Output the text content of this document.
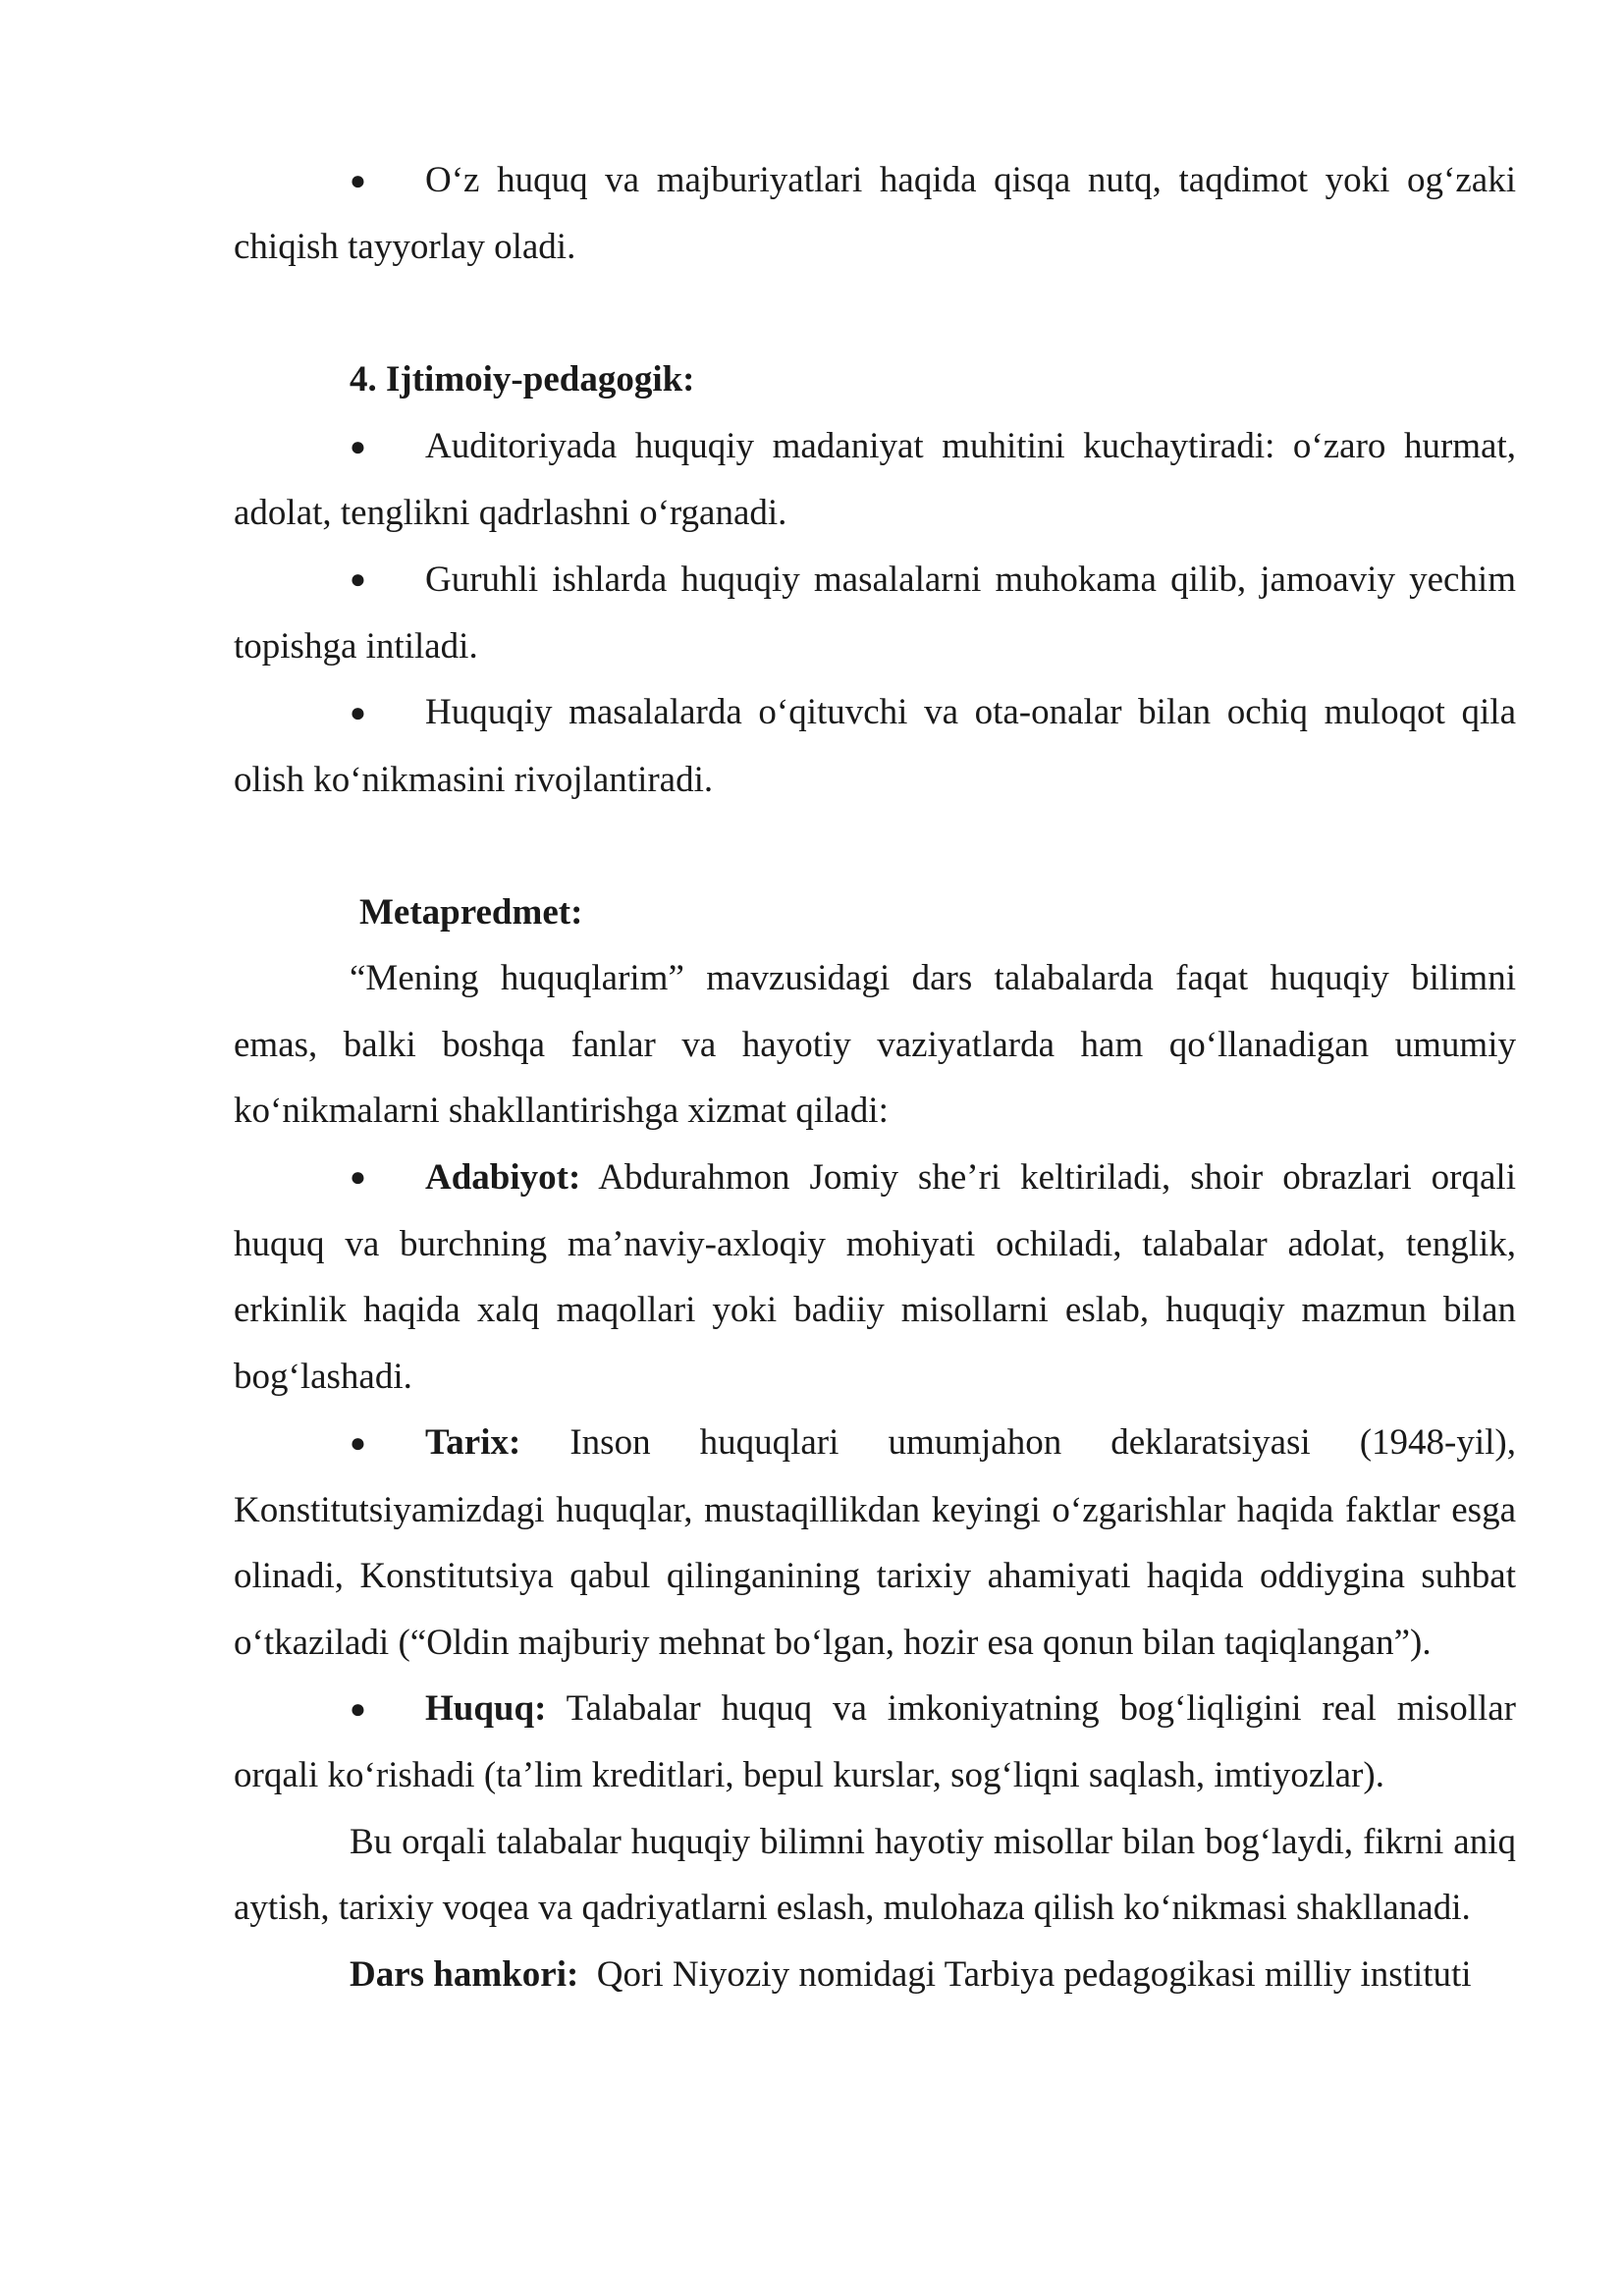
● O‘z huquq va majburiyatlari haqida qisqa nutq, taqdimot yoki og‘zaki chiqish tayyorlay oladi.

4. Ijtimoiy-pedagogik:

● Auditoriyada huquqiy madaniyat muhitini kuchaytiradi: o‘zaro hurmat, adolat, tenglikni qadrlashni o‘rganadi.

● Guruhli ishlarda huquqiy masalalarni muhokama qilib, jamoaviy yechim topishga intiladi.

● Huquqiy masalalarda o‘qituvchi va ota-onalar bilan ochiq muloqot qila olish ko‘nikmasini rivojlantiradi.

Metapredmet:

“Mening huquqlarim” mavzusidagi dars talabalarda faqat huquqiy bilimni emas, balki boshqa fanlar va hayotiy vaziyatlarda ham qo‘llanadigan umumiy ko‘nikmalarni shakllantirishga xizmat qiladi:

● Adabiyot: Abdurahmon Jomiy she’ri keltiriladi, shoir obrazlari orqali huquq va burchning ma’naviy-axloqiy mohiyati ochiladi, talabalar adolat, tenglik, erkinlik haqida xalq maqollari yoki badiiy misollarni eslab, huquqiy mazmun bilan bog‘lashadi.

● Tarix: Inson huquqlari umumjahon deklaratsiyasi (1948-yil), Konstitutsiyamizdagi huquqlar, mustaqillikdan keyingi o‘zgarishlar haqida faktlar esga olinadi, Konstitutsiya qabul qilinganining tarixiy ahamiyati haqida oddiygina suhbat o‘tkaziladi (“Oldin majburiy mehnat bo‘lgan, hozir esa qonun bilan taqiqlangan”).

● Huquq: Talabalar huquq va imkoniyatning bog‘liqligini real misollar orqali ko‘rishadi (ta’lim kreditlari, bepul kurslar, sog‘liqni saqlash, imtiyozlar).

Bu orqali talabalar huquqiy bilimni hayotiy misollar bilan bog‘laydi, fikrni aniq aytish, tarixiy voqea va qadriyatlarni eslash, mulohaza qilish ko‘nikmasi shakllanadi.

Dars hamkori:  Qori Niyoziy nomidagi Tarbiya pedagogikasi milliy instituti
